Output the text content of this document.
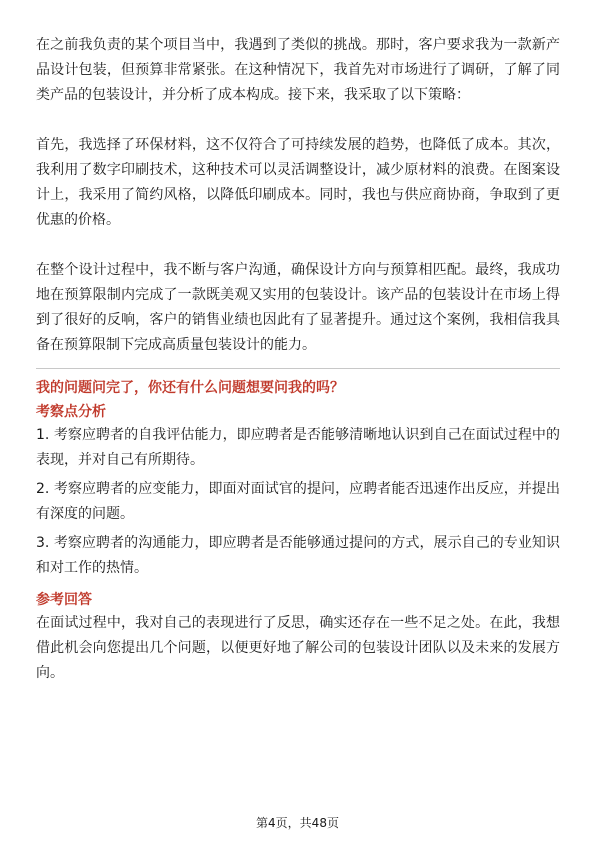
在之前我负责的某个项目当中，我遇到了类似的挑战。那时，客户要求我为一款新产品设计包装，但预算非常紧张。在这种情况下，我首先对市场进行了调研，了解了同类产品的包装设计，并分析了成本构成。接下来，我采取了以下策略：

首先，我选择了环保材料，这不仅符合了可持续发展的趋势，也降低了成本。其次，我利用了数字印刷技术，这种技术可以灵活调整设计，减少原材料的浪费。在图案设计上，我采用了简约风格，以降低印刷成本。同时，我也与供应商协商，争取到了更优惠的价格。

在整个设计过程中，我不断与客户沟通，确保设计方向与预算相匹配。最终，我成功地在预算限制内完成了一款既美观又实用的包装设计。该产品的包装设计在市场上得到了很好的反响，客户的销售业绩也因此有了显著提升。通过这个案例，我相信我具备在预算限制下完成高质量包装设计的能力。

我的问题问完了，你还有什么问题想要问我的吗？

考察点分析

1. 考察应聘者的自我评估能力，即应聘者是否能够清晰地认识到自己在面试过程中的表现，并对自己有所期待。

2. 考察应聘者的应变能力，即面对面试官的提问，应聘者能否迅速作出反应，并提出有深度的问题。

3. 考察应聘者的沟通能力，即应聘者是否能够通过提问的方式，展示自己的专业知识和对工作的热情。

参考回答

在面试过程中，我对自己的表现进行了反思，确实还存在一些不足之处。在此，我想借此机会向您提出几个问题，以便更好地了解公司的包装设计团队以及未来的发展方向。

第4页，共48页
